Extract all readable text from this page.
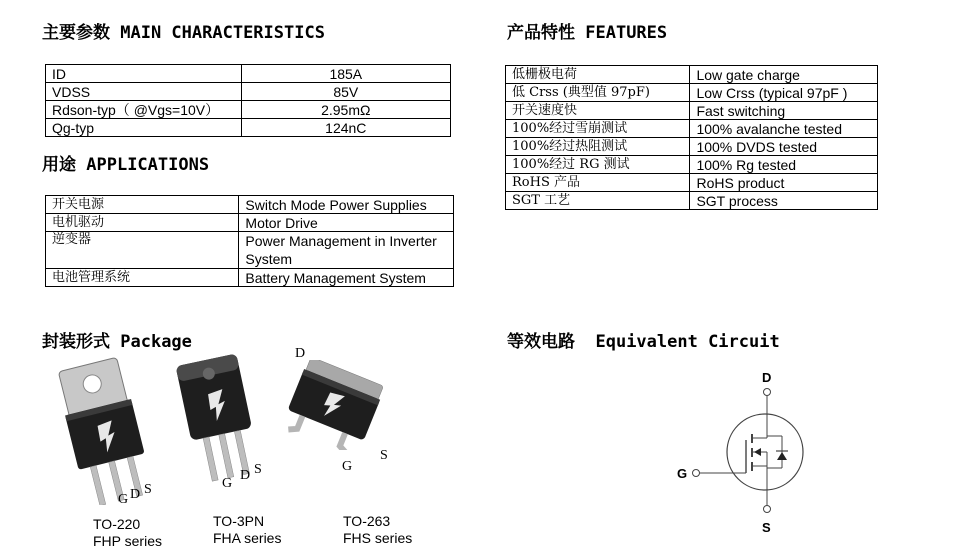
主要参数 MAIN CHARACTERISTICS
ID	185A
VDSS	85V
Rdson-typ（ @Vgs=10V）	2.95mΩ
Qg-typ	124nC
用途 APPLICATIONS
开关电源	Switch Mode Power Supplies
电机驱动	Motor Drive
逆变器	Power Management in Inverter System
电池管理系统	Battery Management System
产品特性 FEATURES
低栅极电荷	Low gate charge
低 Crss (典型值 97pF)	Low Crss (typical 97pF )
开关速度快	Fast switching
100%经过雪崩测试	100% avalanche tested
100%经过热阻测试	100% DVDS tested
100%经过 RG 测试	100% Rg tested
RoHS 产品	RoHS product
SGT 工艺	SGT process
封装形式 Package
G D S
TO-220
FHP series
G
D S
TO-3PN
FHA series
D
G
S
TO-263
FHS series
等效电路 Equivalent Circuit
D
G
S
